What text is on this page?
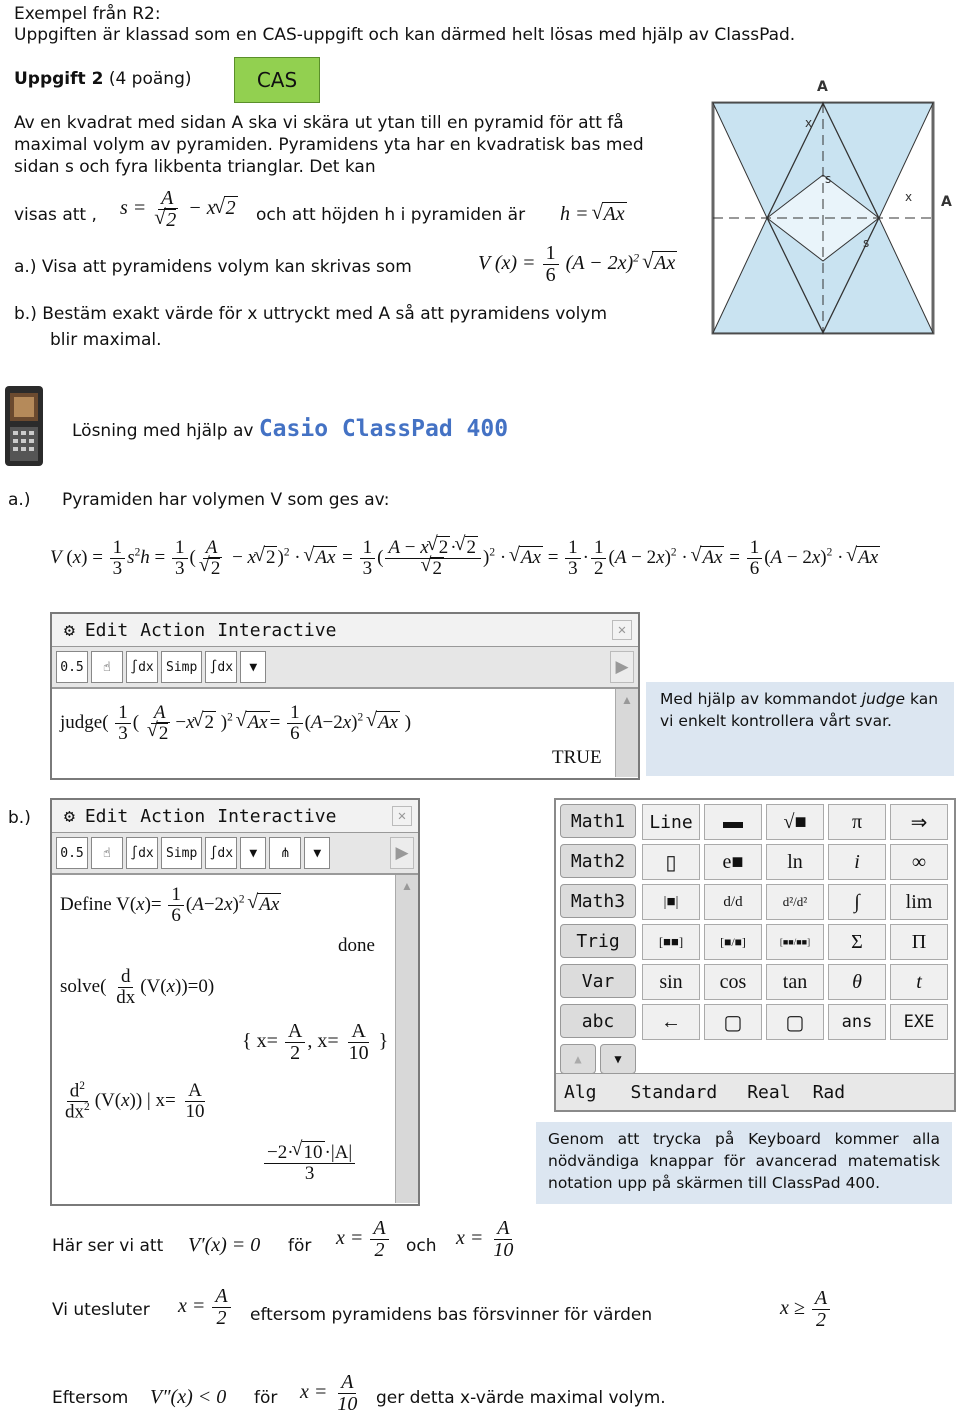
Exempel från R2:
Uppgiften är klassad som en CAS-uppgift och kan därmed helt lösas med hjälp av ClassPad.
Uppgift 2 (4 poäng)	CAS
Av en kvadrat med sidan A ska vi skära ut ytan till en pyramid för att få
maximal volym av pyramiden. Pyramidens yta har en kvadratisk bas med
sidan s och fyra likbenta trianglar. Det kan
visas att , s = A
√ 2 − x √ 2 och att höjden h i pyramiden är h = √ Ax
a.) Visa att pyramidens volym kan skrivas som	V $(x) = \frac{1}{6} (A - 2x)^2$ √ Ax
b.) Bestäm exakt värde för x uttryckt med A så att pyramidens volym
blir maximal.
A
A
x
x
s
s
Lösning med hjälp av Casio ClassPad 400
a.) Pyramiden har volymen V som ges av:
V $(x) = \frac{1}{3} s^2h = \frac{1}{3}$ ( A
√ 2 − x √ 2 )$^2$ · √ $Ax = \frac{1}{3}$ ( A − x √ 2 · √ 2
√ 2 )$^2$ · √ $Ax = \frac{1}{3} \cdot \frac{1}{2} (A - 2x)^2$ · √ $Ax = \frac{1}{6} (A - 2x)^2$ · √ Ax
⚙ Edit Action Interactive	✕
0.5	☝	∫dx Simp ∫dx	▼	▶
judge( $\frac{1}{3}$ ( A
√ 2 −x √ 2 )$^2$ √ $Ax = \frac{1}{6} (A-2x)^2$ √ Ax )
TRUE
▲	Med hjälp av kommandot judge kan vi enkelt kontrollera vårt svar.
b.) ⚙ Edit Action Interactive	✕
0.5	☝	∫dx Simp ∫dx	▼	⋔	▼	▶
Define $V(x)= \frac{1}{6} (A-2x)^2$ √ Ax
done
solve( $\frac{d}{dx} (V(x))=0$)
{ $x= \frac{A}{2}$ , $x= \frac{A}{10}$ }
$\frac{d^2}{dx^2} (V(x))$ | $x= \frac{A}{10}$
$\frac{-2\cdot √ 10 \cdot|A|}{3}$
▲
Math1
Math2
Math3
Trig
Var
abc
▲	▼
Line	▬	√■	π	⇒
▯	e■	ln	i	∞
|■|	d/d	d²/d²	∫	lim
[■■]	[■/■]	[■■/■■]	Σ	Π
sin	cos	tan	θ	t
←	▢	▢	ans	EXE
Alg Standard Real Rad
Genom att trycka på Keyboard kommer alla nödvändiga knappar för avancerad matematisk notation upp på skärmen till ClassPad 400.
Här ser vi att V′(x) = 0 för $x = \frac{A}{2}$ och $x = \frac{A}{10}$
Vi utesluter $x = \frac{A}{2}$ eftersom pyramidens bas försvinner för värden	$x \ge \frac{A}{2}$
Eftersom V″(x) < 0 för $x = \frac{A}{10}$ ger detta x-värde maximal volym.
